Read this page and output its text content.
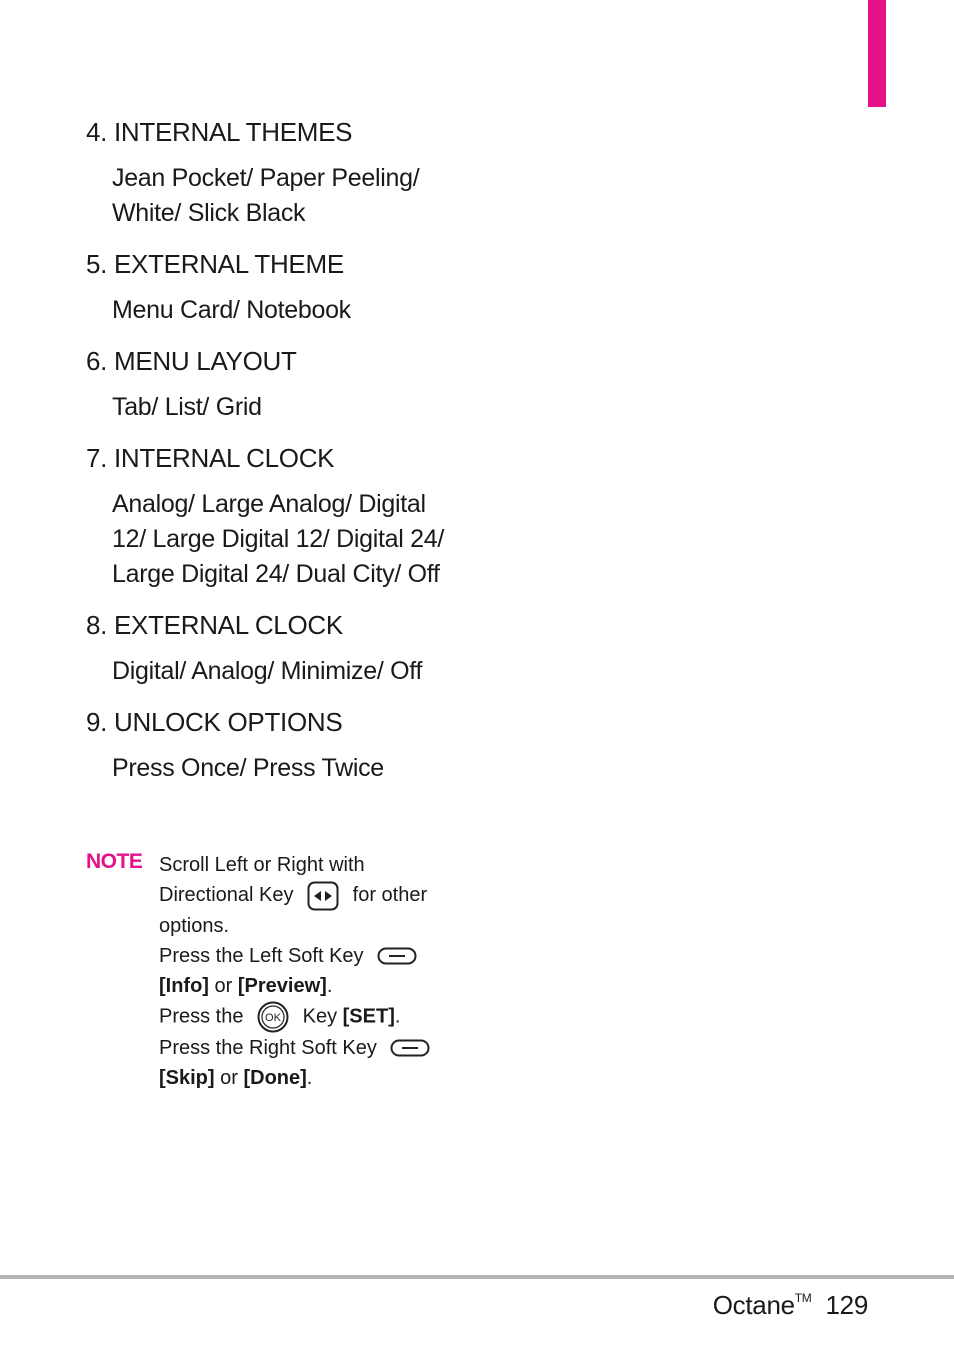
4. INTERNAL THEMES
Jean Pocket/ Paper Peeling/
White/ Slick Black
5. EXTERNAL THEME
Menu Card/ Notebook
6. MENU LAYOUT
Tab/ List/ Grid
7. INTERNAL CLOCK
Analog/ Large Analog/ Digital
12/ Large Digital 12/ Digital 24/
Large Digital 24/ Dual City/ Off
8. EXTERNAL CLOCK
Digital/ Analog/ Minimize/ Off
9. UNLOCK OPTIONS
Press Once/ Press Twice
NOTE Scroll Left or Right with

Directional Key	for other

options.

Press the Left Soft Key

[Info] or [Preview].

Press the OK Key [SET].

Press the Right Soft Key

[Skip] or [Done].

Octane™ 129
